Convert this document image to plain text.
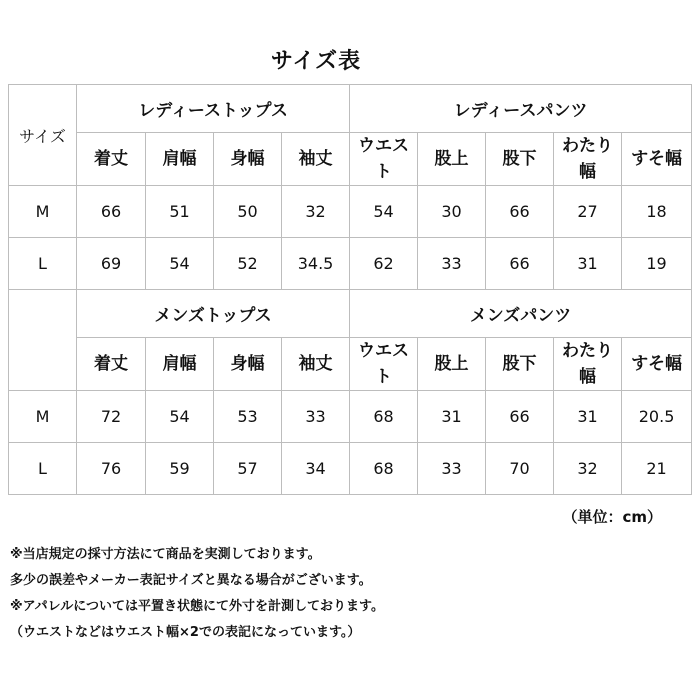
サイズ表
サイズ	レディーストップス				レディースパンツ				
	着丈	肩幅	身幅	袖丈	ウエスト	股上	股下	わたり幅	すそ幅
M	66	51	50	32	54	30	66	27	18
L	69	54	52	34.5	62	33	66	31	19
	メンズトップス				メンズパンツ				
	着丈	肩幅	身幅	袖丈	ウエスト	股上	股下	わたり幅	すそ幅
M	72	54	53	33	68	31	66	31	20.5
L	76	59	57	34	68	33	70	32	21
（単位：cm）
※当店規定の採寸方法にて商品を実測しております。
多少の誤差やメーカー表記サイズと異なる場合がございます。
※アパレルについては平置き状態にて外寸を計測しております。
（ウエストなどはウエスト幅×2での表記になっています。）
